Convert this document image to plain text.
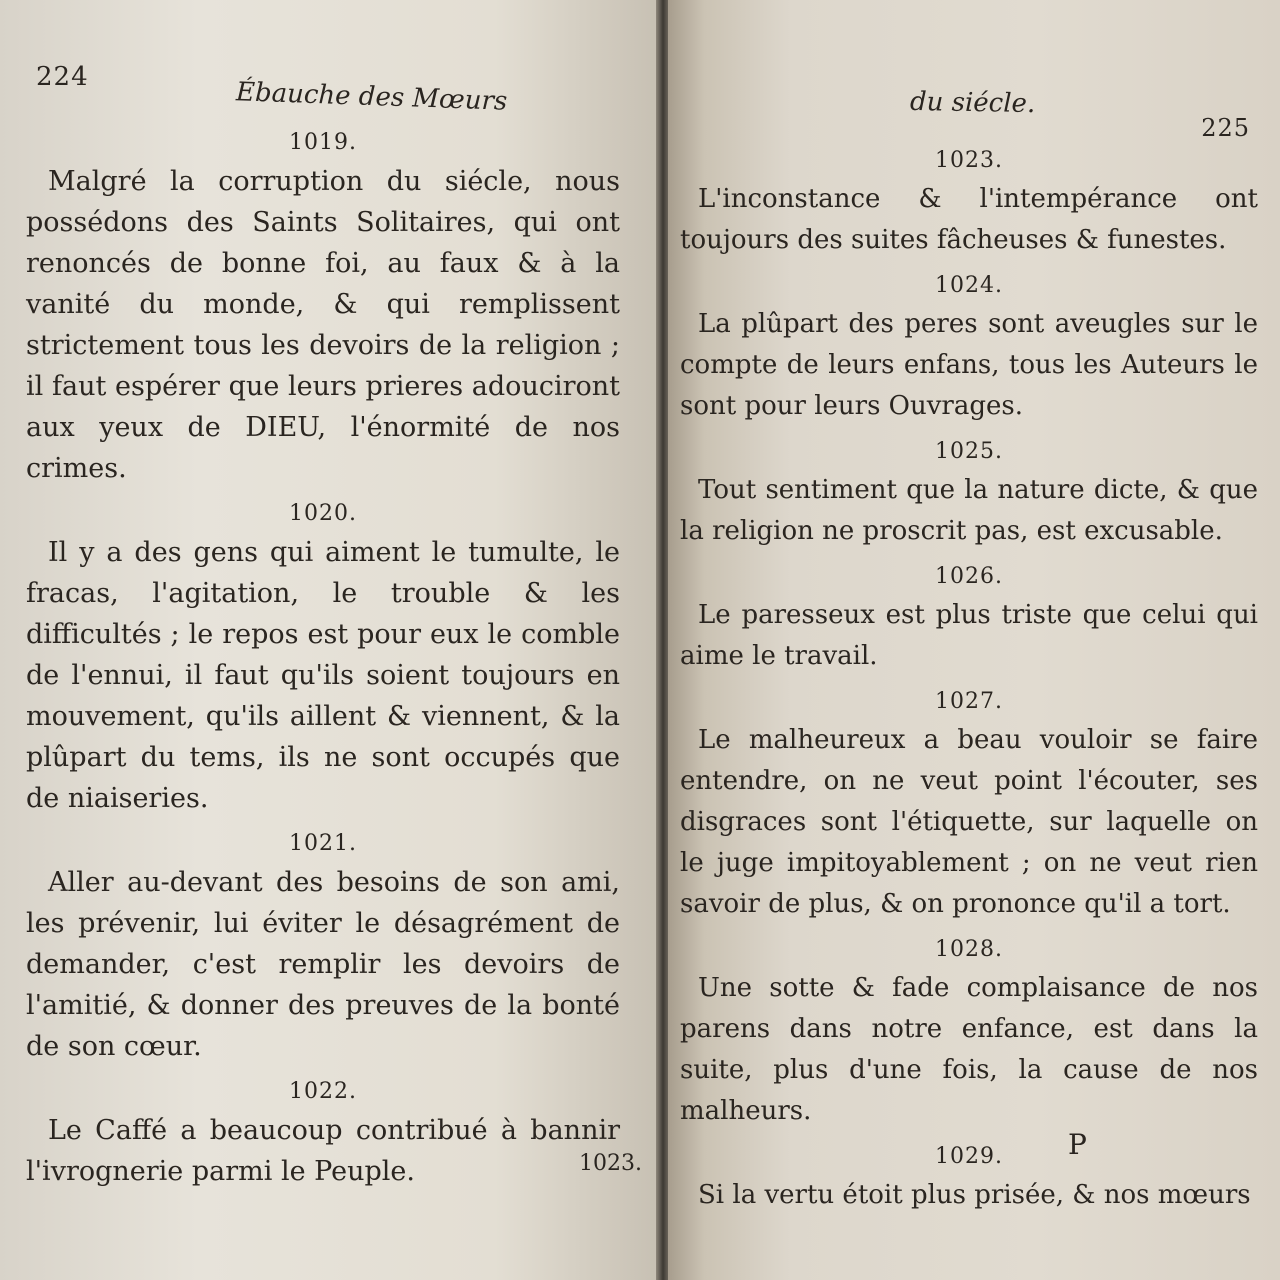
224
Ébauche des Mœurs
1019.

Malgré la corruption du siécle, nous possédons des Saints Solitaires, qui ont renoncés de bonne foi, au faux & à la vanité du monde, & qui remplissent strictement tous les devoirs de la religion ; il faut espérer que leurs prieres adouciront aux yeux de DIEU, l'énormité de nos crimes.

1020.

Il y a des gens qui aiment le tumulte, le fracas, l'agitation, le trouble & les difficultés ; le repos est pour eux le comble de l'ennui, il faut qu'ils soient toujours en mouvement, qu'ils aillent & viennent, & la plûpart du tems, ils ne sont occupés que de niaiseries.

1021.

Aller au-devant des besoins de son ami, les prévenir, lui éviter le désagrément de demander, c'est remplir les devoirs de l'amitié, & donner des preuves de la bonté de son cœur.

1022.

Le Caffé a beaucoup contribué à bannir l'ivrognerie parmi le Peuple.	1023.
du siécle.
225
1023.

L'inconstance & l'intempérance ont toujours des suites fâcheuses & funestes.

1024.

La plûpart des peres sont aveugles sur le compte de leurs enfans, tous les Auteurs le sont pour leurs Ouvrages.

1025.

Tout sentiment que la nature dicte, & que la religion ne proscrit pas, est excusable.

1026.

Le paresseux est plus triste que celui qui aime le travail.

1027.

Le malheureux a beau vouloir se faire entendre, on ne veut point l'écouter, ses disgraces sont l'étiquette, sur laquelle on le juge impitoyablement ; on ne veut rien savoir de plus, & on prononce qu'il a tort.

1028.

Une sotte & fade complaisance de nos parens dans notre enfance, est dans la suite, plus d'une fois, la cause de nos malheurs.

1029.

Si la vertu étoit plus prisée, & nos mœurs

P
